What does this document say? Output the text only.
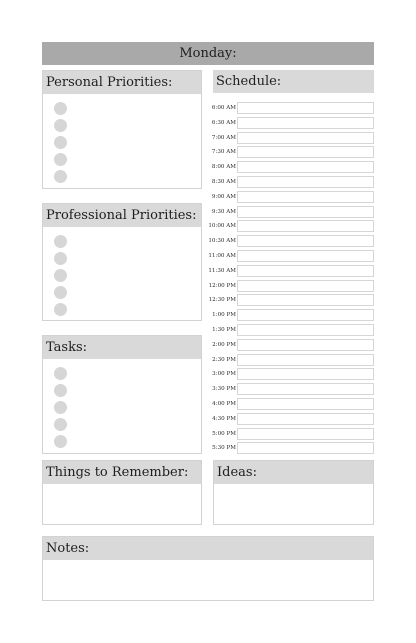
Monday:
Personal Priorities:
Professional Priorities:
Tasks:
Schedule:
6:00 AM
6:30 AM
7:00 AM
7:30 AM
8:00 AM
8:30 AM
9:00 AM
9:30 AM
10:00 AM
10:30 AM
11:00 AM
11:30 AM
12:00 PM
12:30 PM
1:00 PM
1:30 PM
2:00 PM
2:30 PM
3:00 PM
3:30 PM
4:00 PM
4:30 PM
5:00 PM
5:30 PM
Things to Remember:	Ideas:
Notes:
